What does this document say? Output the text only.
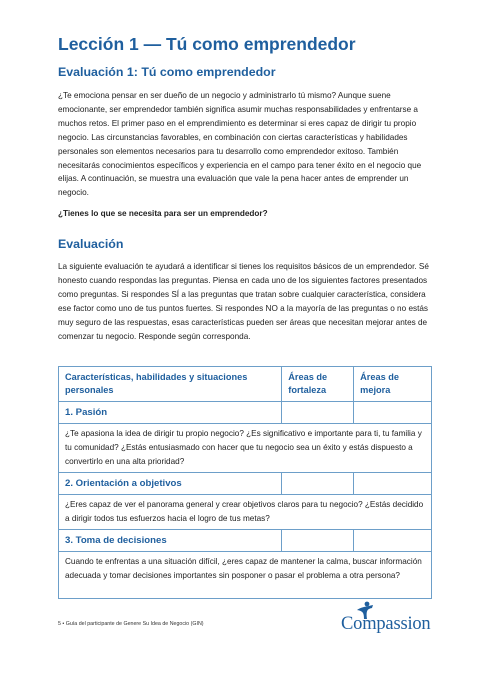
Lección 1 — Tú como emprendedor
Evaluación 1: Tú como emprendedor

¿Te emociona pensar en ser dueño de un negocio y administrarlo tú mismo? Aunque suene emocionante, ser emprendedor también significa asumir muchas responsabilidades y enfrentarse a muchos retos. El primer paso en el emprendimiento es determinar si eres capaz de dirigir tu propio negocio. Las circunstancias favorables, en combinación con ciertas características y habilidades personales son elementos necesarios para tu desarrollo como emprendedor exitoso. También necesitarás conocimientos específicos y experiencia en el campo para tener éxito en el negocio que elijas. A continuación, se muestra una evaluación que vale la pena hacer antes de emprender un negocio.

¿Tienes lo que se necesita para ser un emprendedor?

Evaluación

La siguiente evaluación te ayudará a identificar si tienes los requisitos básicos de un emprendedor. Sé honesto cuando respondas las preguntas. Piensa en cada uno de los siguientes factores presentados como preguntas. Si respondes SÍ a las preguntas que tratan sobre cualquier característica, considera ese factor como uno de tus puntos fuertes. Si respondes NO a la mayoría de las preguntas o no estás muy seguro de las respuestas, esas características pueden ser áreas que necesitan mejorar antes de comenzar tu negocio. Responde según corresponda.

Características, habilidades y situaciones personales	Áreas de fortaleza	Áreas de mejora
1. Pasión		
¿Te apasiona la idea de dirigir tu propio negocio? ¿Es significativo e importante para ti, tu familia y tu comunidad? ¿Estás entusiasmado con hacer que tu negocio sea un éxito y estás dispuesto a convertirlo en una alta prioridad?		
2. Orientación a objetivos		
¿Eres capaz de ver el panorama general y crear objetivos claros para tu negocio? ¿Estás decidido a dirigir todos tus esfuerzos hacia el logro de tus metas?		
3. Toma de decisiones		
Cuando te enfrentas a una situación difícil, ¿eres capaz de mantener la calma, buscar información adecuada y tomar decisiones importantes sin posponer o pasar el problema a otra persona?		
5 • Guía del participante de Genere Su Idea de Negocio (GIN)	Compassion
